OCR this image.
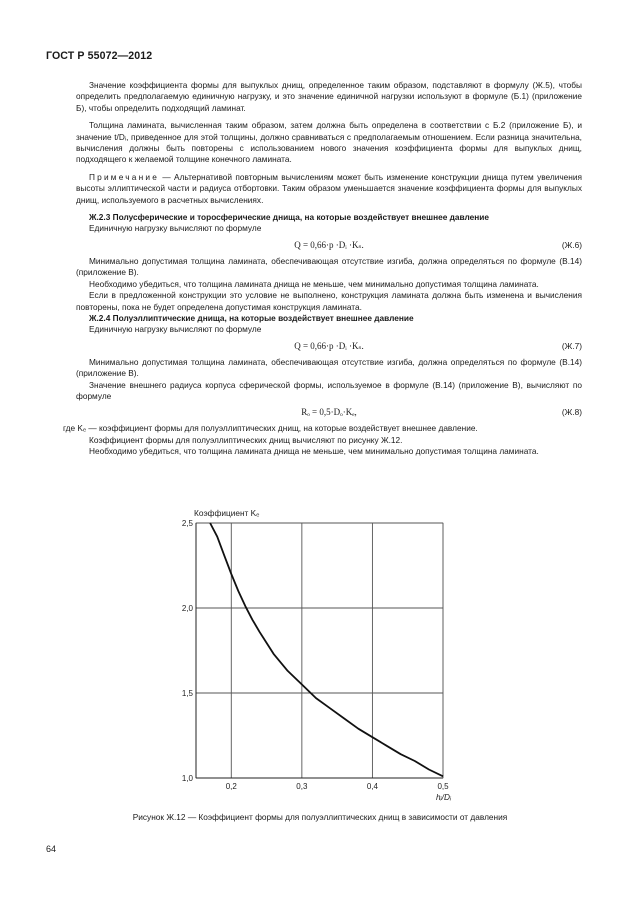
ГОСТ Р 55072—2012

Значение коэффициента формы для выпуклых днищ, определенное таким образом, подставляют в формулу (Ж.5), чтобы определить предполагаемую единичную нагрузку, и это значение единичной нагрузки используют в формуле (Б.1) (приложение Б), чтобы определить подходящий ламинат.

Толщина ламината, вычисленная таким образом, затем должна быть определена в соответствии с Б.2 (приложение Б), и значение t/Dᵢ, приведенное для этой толщины, должно сравниваться с предполагаемым отношением. Если разница значительна, вычисления должны быть повторены с использованием нового значения коэффициента формы для выпуклых днищ, подходящего к желаемой толщине конечного ламината.

Примечание — Альтернативой повторным вычислениям может быть изменение конструкции днища путем увеличения высоты эллиптической части и радиуса отбортовки. Таким образом уменьшается значение коэффициента формы для выпуклых днищ, используемого в расчетных вычислениях.

Ж.2.3 Полусферические и торосферические днища, на которые воздействует внешнее давление

Единичную нагрузку вычисляют по формуле

Q = 0,66·p ·Dᵢ ·Kₛ.	(Ж.6)

Минимально допустимая толщина ламината, обеспечивающая отсутствие изгиба, должна определяться по формуле (В.14) (приложение В).

Необходимо убедиться, что толщина ламината днища не меньше, чем минимально допустимая толщина ламината.

Если в предложенной конструкции это условие не выполнено, конструкция ламината должна быть изменена и вычисления повторены, пока не будет определена допустимая конструкция ламината.

Ж.2.4 Полуэллиптические днища, на которые воздействует внешнее давление

Единичную нагрузку вычисляют по формуле

Q = 0,66·p ·Dᵢ ·Kₛ.	(Ж.7)

Минимально допустимая толщина ламината, обеспечивающая отсутствие изгиба, должна определяться по формуле (В.14) (приложение В).

Значение внешнего радиуса корпуса сферической формы, используемое в формуле (В.14) (приложение В), вычисляют по формуле

Rₒ = 0,5·Dₒ·Kₑ,	(Ж.8)

где Kₑ — коэффициент формы для полуэллиптических днищ, на которые воздействует внешнее давление.

Коэффициент формы для полуэллиптических днищ вычисляют по рисунку Ж.12.

Необходимо убедиться, что толщина ламината днища не меньше, чем минимально допустимая толщина ламината.

0,2	0,3	0,4	0,5
1,0
1,5
2,0
2,5
Коэффициент Kₑ
hᵢ/Dᵢ
Рисунок Ж.12 — Коэффициент формы для полуэллиптических днищ в зависимости от давления
64
